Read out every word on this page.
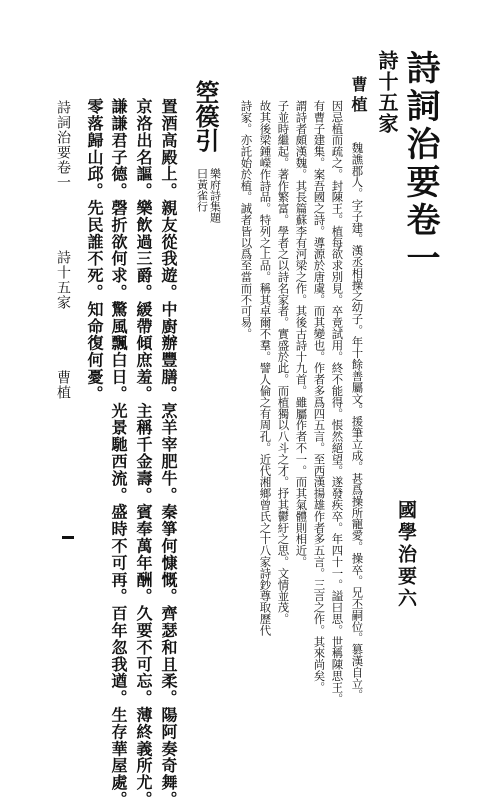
國學治要六
詩詞治要卷一
詩十五家
曹植
魏譙郡人。字子建。漢丞相操之幼子。年十餘善屬文。援筆立成。甚爲操所寵愛。操卒。兄丕嗣位。篡漢自立。
因忌植而疏之。封陳王。植每欲求別見。卒竟試用。終不能得。悵然絕望。遂發疾卒。年四十一。謚曰思。世稱陳思王。
有曹子建集。案吾國之詩。導源於唐虞。而其變也。作者多爲四五言。至西漢揚雄作者多五言。三言之作。其來尚矣。
謂詩者頗漢魏。其長篇蘇李有河梁之作。其後古詩十九首。雖屬作者不一。而其氣體則相近。
子並時繼起。著作繁富。學者之以詩名家者。實盛於此。而植獨以八斗之才。抒其鬱紆之思。文情並茂。
故其後梁鍾嶸作詩品。特列之上品。稱其卓爾不羣。譬人倫之有周孔。近代湘鄉曾氏之十八家詩鈔尊取歷代
詩家。亦託始於植。誠者皆以爲至當而不可易。
箜篌引
樂府詩集題
曰黃雀行
置酒高殿上。親友從我遊。中廚辦豐膳。烹羊宰肥牛。秦箏何慷慨。齊瑟和且柔。陽阿奏奇舞。
京洛出名謳。樂飲過三爵。緩帶傾庶羞。主稱千金壽。賓奉萬年酬。久要不可忘。薄終義所尤。
謙謙君子德。磬折欲何求。驚風飄白日。光景馳西流。盛時不可再。百年忽我遒。生存華屋處。
零落歸山邱。先民誰不死。知命復何憂。
詩詞治要卷一  詩十五家  曹植
